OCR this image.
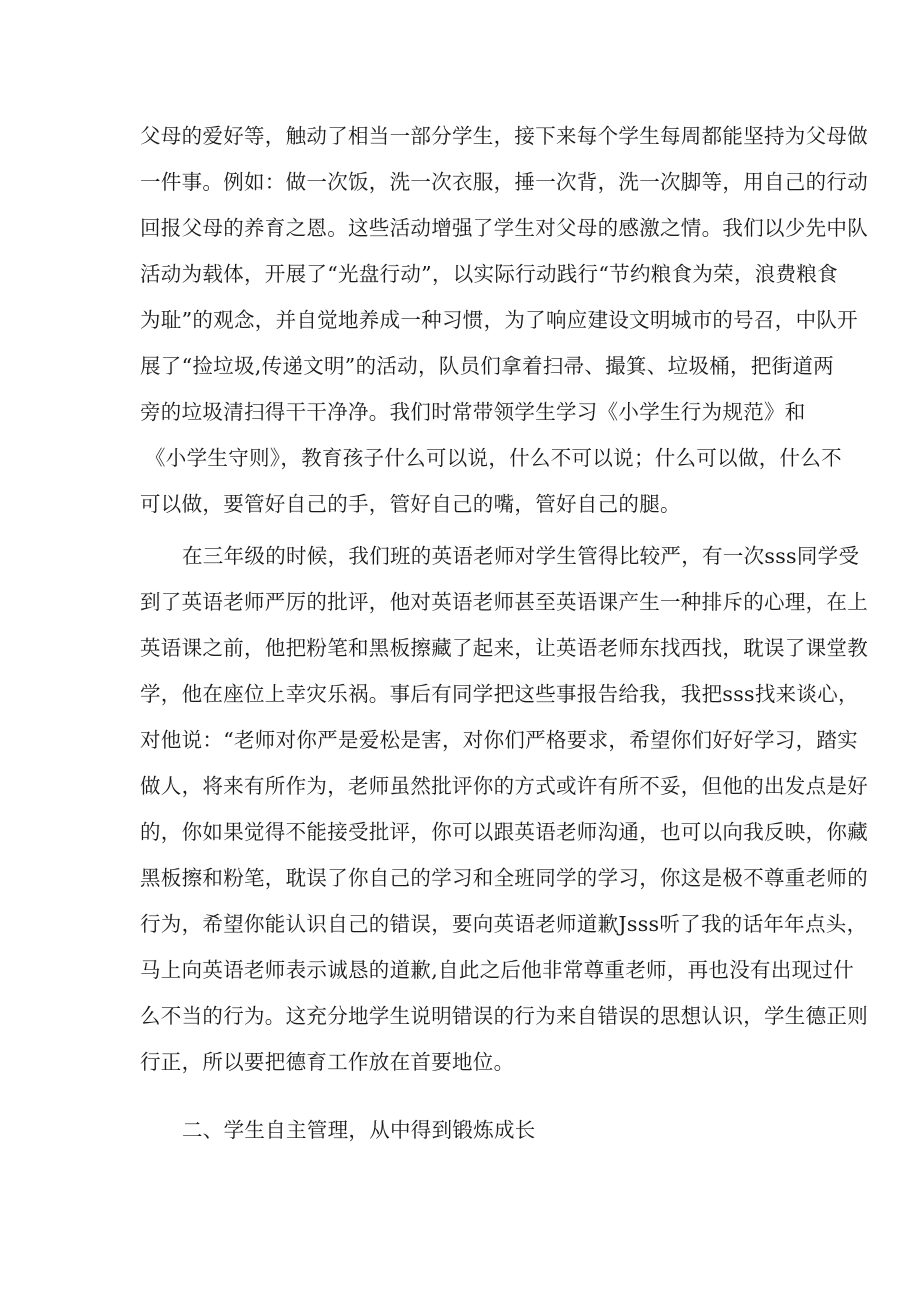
父母的爱好等，触动了相当一部分学生，接下来每个学生每周都能坚持为父母做
一件事。例如：做一次饭，洗一次衣服，捶一次背，洗一次脚等，用自己的行动
回报父母的养育之恩。这些活动增强了学生对父母的感激之情。我们以少先中队
活动为载体，开展了“光盘行动”，以实际行动践行“节约粮食为荣，浪费粮食
为耻”的观念，并自觉地养成一种习惯，为了响应建设文明城市的号召，中队开
展了“捡垃圾,传递文明”的活动，队员们拿着扫帚、撮箕、垃圾桶，把街道两
旁的垃圾清扫得干干净净。我们时常带领学生学习《小学生行为规范》和
《小学生守则》，教育孩子什么可以说，什么不可以说；什么可以做，什么不
可以做，要管好自己的手，管好自己的嘴，管好自己的腿。
在三年级的时候，我们班的英语老师对学生管得比较严，有一次sss同学受
到了英语老师严厉的批评，他对英语老师甚至英语课产生一种排斥的心理，在上
英语课之前，他把粉笔和黑板擦藏了起来，让英语老师东找西找，耽误了课堂教
学，他在座位上幸灾乐祸。事后有同学把这些事报告给我，我把sss找来谈心，
对他说：“老师对你严是爱松是害，对你们严格要求，希望你们好好学习，踏实
做人，将来有所作为，老师虽然批评你的方式或许有所不妥，但他的出发点是好
的，你如果觉得不能接受批评，你可以跟英语老师沟通，也可以向我反映，你藏
黑板擦和粉笔，耽误了你自己的学习和全班同学的学习，你这是极不尊重老师的
行为，希望你能认识自己的错误，要向英语老师道歉Jsss听了我的话年年点头，
马上向英语老师表示诚恳的道歉,自此之后他非常尊重老师，再也没有出现过什
么不当的行为。这充分地学生说明错误的行为来自错误的思想认识，学生德正则
行正，所以要把德育工作放在首要地位。
二、学生自主管理，从中得到锻炼成长
